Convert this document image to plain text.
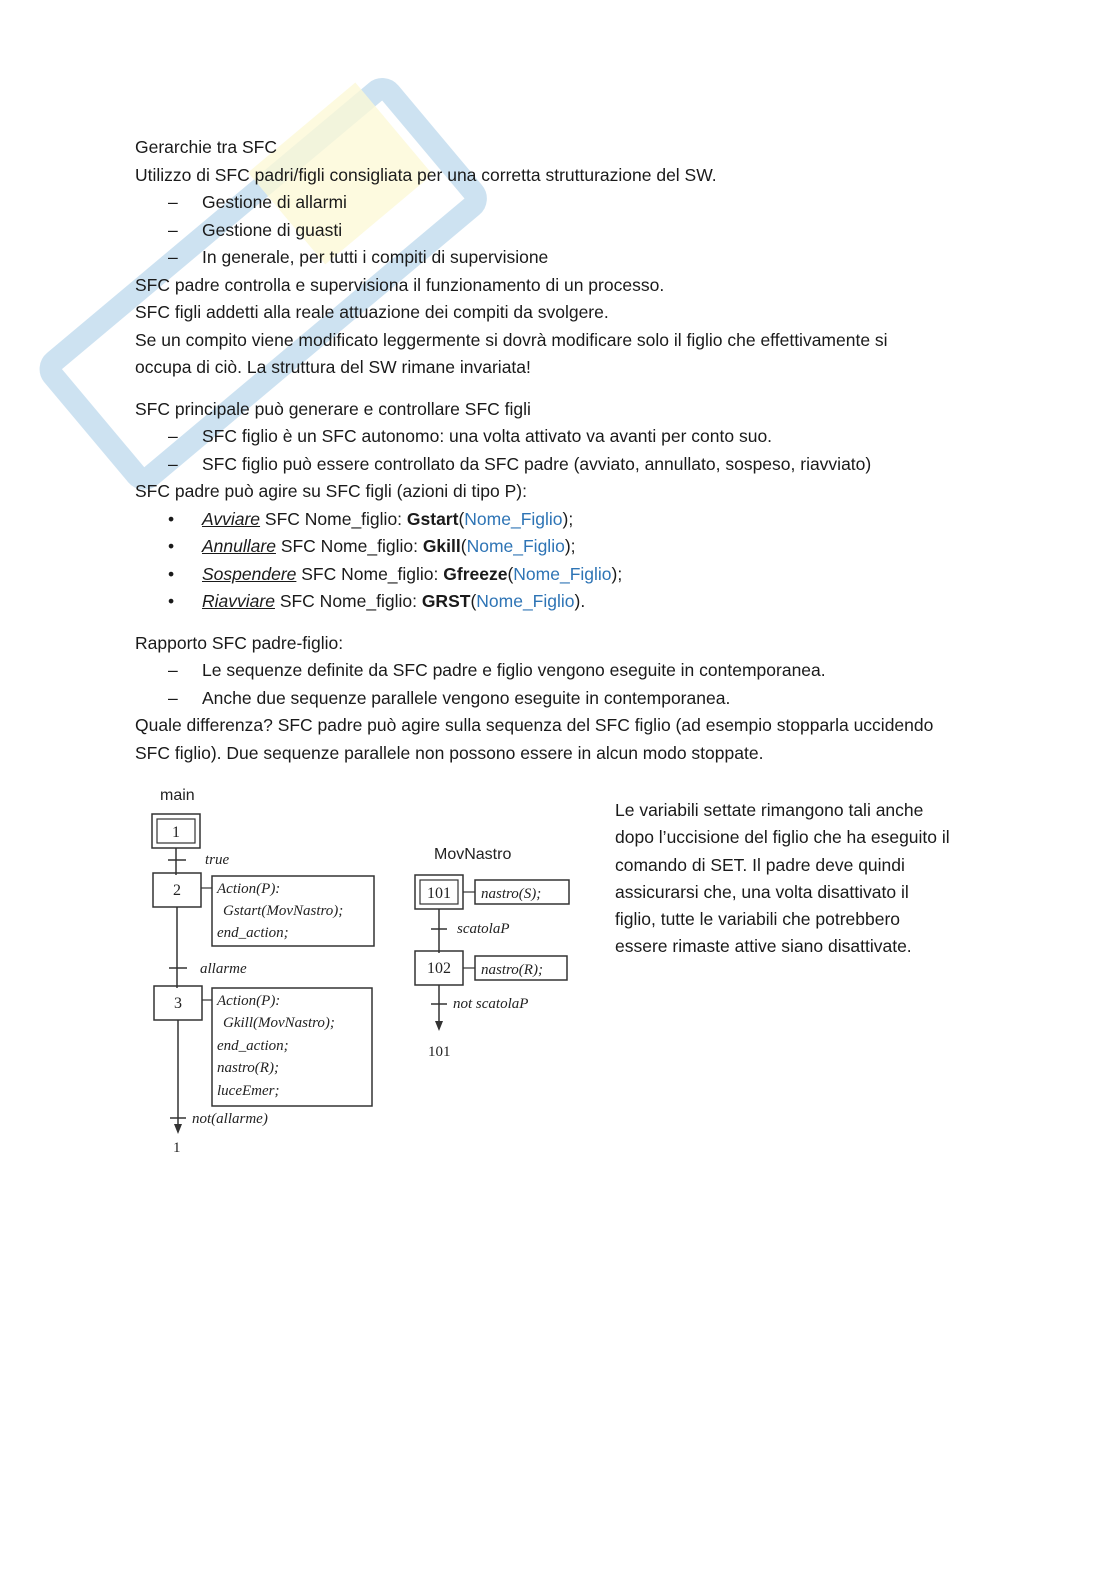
Gerarchie tra SFC
Utilizzo di SFC padri/figli consigliata per una corretta strutturazione del SW.
– Gestione di allarmi
– Gestione di guasti
– In generale, per tutti i compiti di supervisione
SFC padre controlla e supervisiona il funzionamento di un processo.
SFC figli addetti alla reale attuazione dei compiti da svolgere.
Se un compito viene modificato leggermente si dovrà modificare solo il figlio che effettivamente si
occupa di ciò. La struttura del SW rimane invariata!
SFC principale può generare e controllare SFC figli
– SFC figlio è un SFC autonomo: una volta attivato va avanti per conto suo.
– SFC figlio può essere controllato da SFC padre (avviato, annullato, sospeso, riavviato)
SFC padre può agire su SFC figli (azioni di tipo P):
• Avviare SFC Nome_figlio: Gstart(Nome_Figlio);
• Annullare SFC Nome_figlio: Gkill(Nome_Figlio);
• Sospendere SFC Nome_figlio: Gfreeze(Nome_Figlio);
• Riavviare SFC Nome_figlio: GRST(Nome_Figlio).
Rapporto SFC padre-figlio:
– Le sequenze definite da SFC padre e figlio vengono eseguite in contemporanea.
– Anche due sequenze parallele vengono eseguite in contemporanea.
Quale differenza? SFC padre può agire sulla sequenza del SFC figlio (ad esempio stopparla uccidendo
SFC figlio). Due sequenze parallele non possono essere in alcun modo stoppate.
main
1
true
2 Action(P):
Gstart(MovNastro);
end_action;
allarme
3 Action(P):
Gkill(MovNastro);
end_action;
nastro(R);
luceEmer;
not(allarme)
1
MovNastro
101 nastro(S);
scatolaP
102 nastro(R);
not scatolaP
101
Le variabili settate rimangono tali anche
dopo l’uccisione del figlio che ha eseguito il
comando di SET. Il padre deve quindi
assicurarsi che, una volta disattivato il
figlio, tutte le variabili che potrebbero
essere rimaste attive siano disattivate.
